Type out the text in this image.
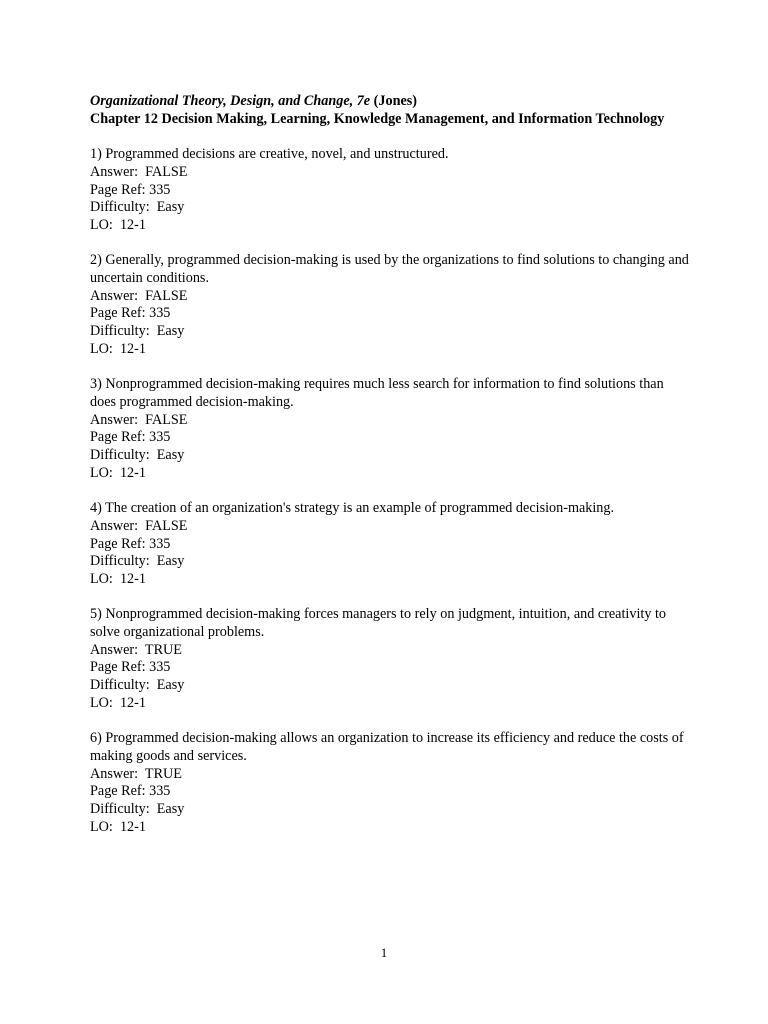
Organizational Theory, Design, and Change, 7e (Jones)

Chapter 12 Decision Making, Learning, Knowledge Management, and Information Technology

1) Programmed decisions are creative, novel, and unstructured.

Answer:  FALSE

Page Ref: 335

Difficulty:  Easy

LO:  12-1

2) Generally, programmed decision-making is used by the organizations to find solutions to changing and uncertain conditions.

Answer:  FALSE

Page Ref: 335

Difficulty:  Easy

LO:  12-1

3) Nonprogrammed decision-making requires much less search for information to find solutions than does programmed decision-making.

Answer:  FALSE

Page Ref: 335

Difficulty:  Easy

LO:  12-1

4) The creation of an organization's strategy is an example of programmed decision-making.

Answer:  FALSE

Page Ref: 335

Difficulty:  Easy

LO:  12-1

5) Nonprogrammed decision-making forces managers to rely on judgment, intuition, and creativity to solve organizational problems.

Answer:  TRUE

Page Ref: 335

Difficulty:  Easy

LO:  12-1

6) Programmed decision-making allows an organization to increase its efficiency and reduce the costs of making goods and services.

Answer:  TRUE

Page Ref: 335

Difficulty:  Easy

LO:  12-1

1
